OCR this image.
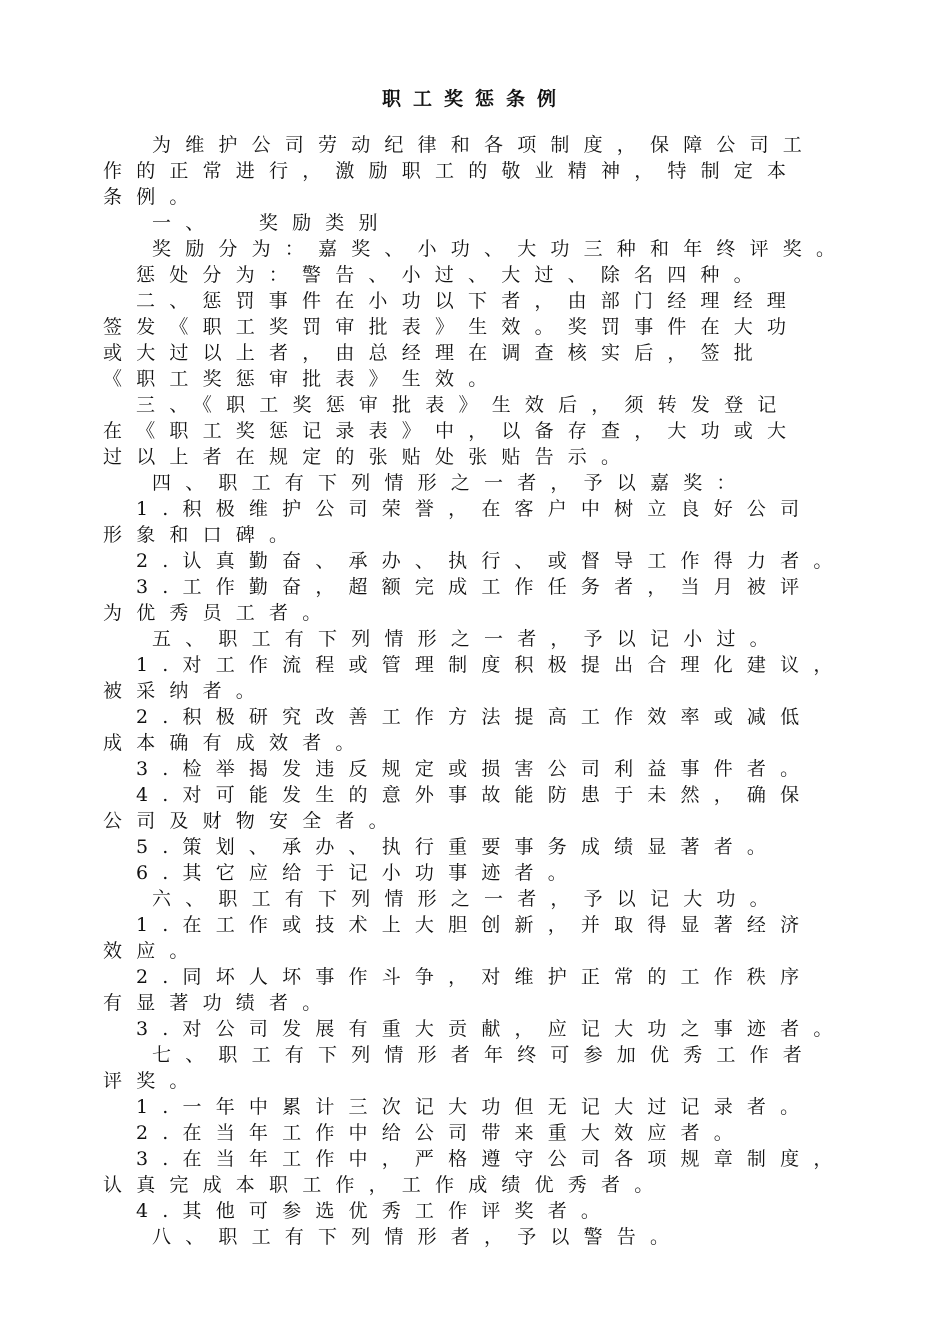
职工奖惩条例
为维护公司劳动纪律和各项制度，保障公司工
作的正常进行，激励职工的敬业精神，特制定本
条例。
一、  奖励类别
奖励分为：嘉奖、小功、大功三种和年终评奖。
惩处分为：警告、小过、大过、除名四种。
二、惩罚事件在小功以下者，由部门经理经理
签发《职工奖罚审批表》生效。奖罚事件在大功
或大过以上者，由总经理在调查核实后，签批
《职工奖惩审批表》生效。
三、《职工奖惩审批表》生效后，须转发登记
在《职工奖惩记录表》中，以备存查，大功或大
过以上者在规定的张贴处张贴告示。
四、职工有下列情形之一者，予以嘉奖：
1.积极维护公司荣誉，在客户中树立良好公司
形象和口碑。
2.认真勤奋、承办、执行、或督导工作得力者。
3.工作勤奋，超额完成工作任务者，当月被评
为优秀员工者。
五、职工有下列情形之一者，予以记小过。
1.对工作流程或管理制度积极提出合理化建议，
被采纳者。
2.积极研究改善工作方法提高工作效率或减低
成本确有成效者。
3.检举揭发违反规定或损害公司利益事件者。
4.对可能发生的意外事故能防患于未然，确保
公司及财物安全者。
5.策划、承办、执行重要事务成绩显著者。
6.其它应给于记小功事迹者。
六、职工有下列情形之一者，予以记大功。
1.在工作或技术上大胆创新，并取得显著经济
效应。
2.同坏人坏事作斗争，对维护正常的工作秩序
有显著功绩者。
3.对公司发展有重大贡献，应记大功之事迹者。
七、职工有下列情形者年终可参加优秀工作者
评奖。
1.一年中累计三次记大功但无记大过记录者。
2.在当年工作中给公司带来重大效应者。
3.在当年工作中，严格遵守公司各项规章制度，
认真完成本职工作，工作成绩优秀者。
4.其他可参选优秀工作评奖者。
八、职工有下列情形者，予以警告。
